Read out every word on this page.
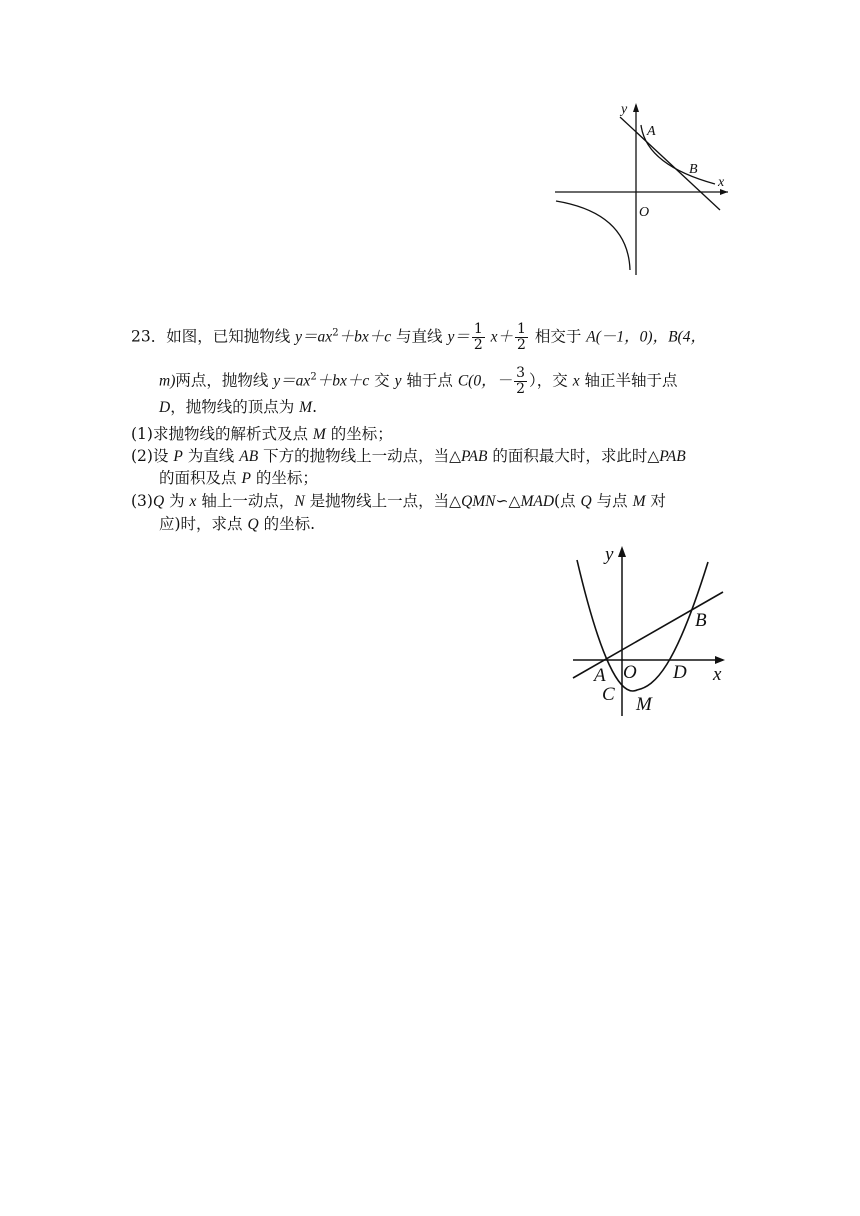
y
A
B
x
O
23．如图，已知抛物线 $y=ax^2+bx+c$ 与直线 $y= \frac{1}{2} x+ \frac{1}{2}$ 相交于 A(－1，0)，B(4，
m)两点，抛物线 $y=ax^2+bx+c$ 交 y 轴于点 C(0，－ $\frac{3}{2}$ ），交 x 轴正半轴于点
D，抛物线的顶点为 M.
(1)求抛物线的解析式及点 M 的坐标；
(2)设 P 为直线 AB 下方的抛物线上一动点，当△PAB 的面积最大时，求此时△PAB
的面积及点 P 的坐标；
(3)Q 为 x 轴上一动点，N 是抛物线上一点，当△QMN∽△MAD(点 Q 与点 M 对
应)时，求点 Q 的坐标.
y
B
A O D x
C M
